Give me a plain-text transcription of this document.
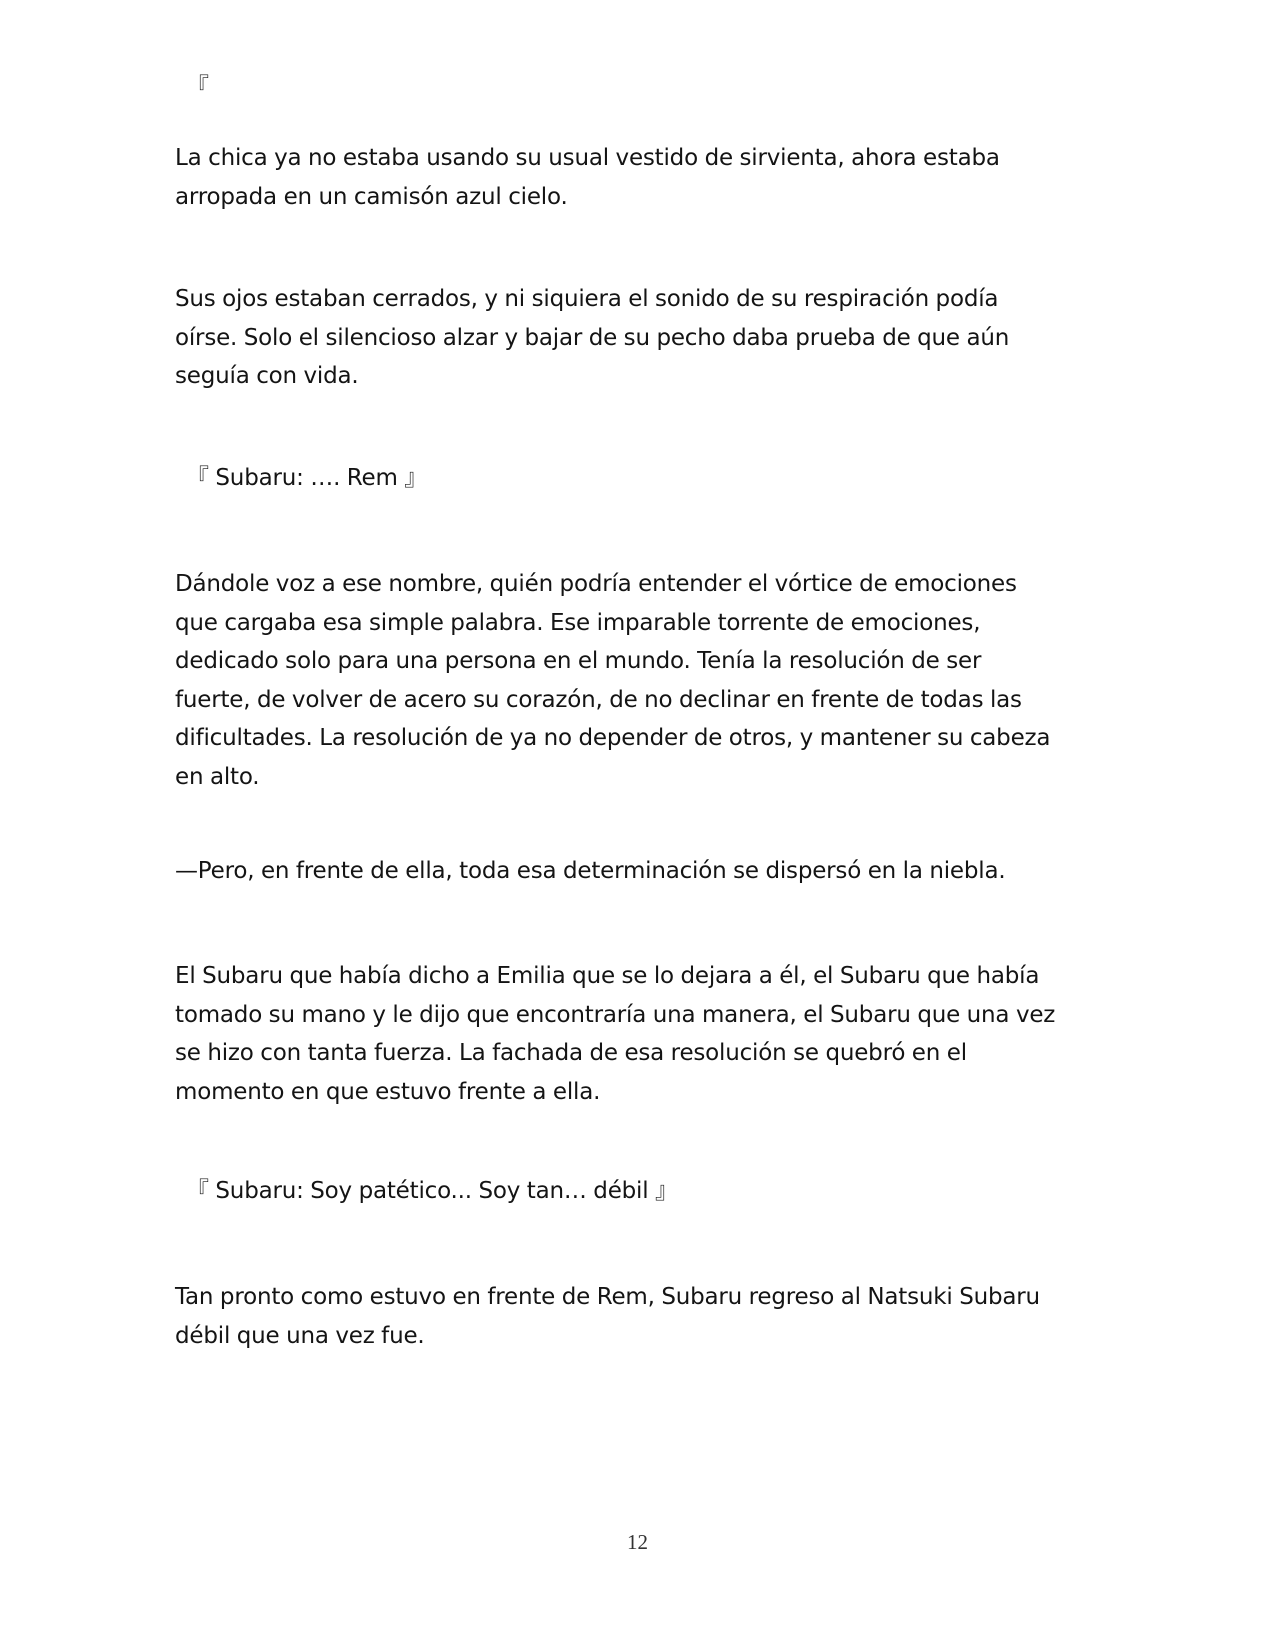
『

La chica ya no estaba usando su usual vestido de sirvienta, ahora estaba
arropada en un camisón azul cielo.

Sus ojos estaban cerrados, y ni siquiera el sonido de su respiración podía
oírse. Solo el silencioso alzar y bajar de su pecho daba prueba de que aún
seguía con vida.

『 Subaru: …. Rem 』

Dándole voz a ese nombre, quién podría entender el vórtice de emociones
que cargaba esa simple palabra. Ese imparable torrente de emociones,
dedicado solo para una persona en el mundo. Tenía la resolución de ser
fuerte, de volver de acero su corazón, de no declinar en frente de todas las
dificultades. La resolución de ya no depender de otros, y mantener su cabeza
en alto.

—Pero, en frente de ella, toda esa determinación se dispersó en la niebla.

El Subaru que había dicho a Emilia que se lo dejara a él, el Subaru que había
tomado su mano y le dijo que encontraría una manera, el Subaru que una vez
se hizo con tanta fuerza. La fachada de esa resolución se quebró en el
momento en que estuvo frente a ella.

『 Subaru: Soy patético... Soy tan… débil 』

Tan pronto como estuvo en frente de Rem, Subaru regreso al Natsuki Subaru
débil que una vez fue.

12
